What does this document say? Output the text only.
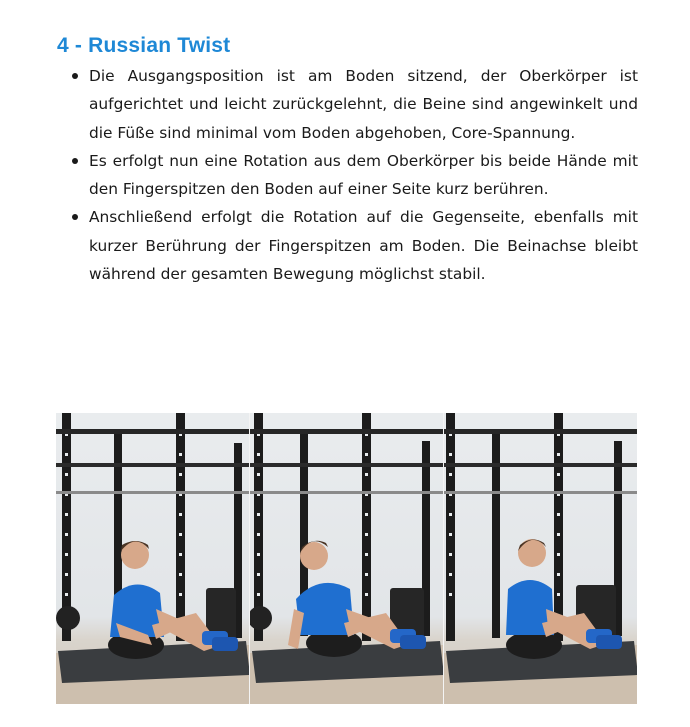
4 - Russian Twist
Die Ausgangsposition ist am Boden sitzend, der Oberkörper ist aufgerichtet und leicht zurückgelehnt, die Beine sind angewinkelt und die Füße sind minimal vom Boden abgehoben, Core-Spannung.
Es erfolgt nun eine Rotation aus dem Oberkörper bis beide Hände mit den Fingerspitzen den Boden auf einer Seite kurz berühren.
Anschließend erfolgt die Rotation auf die Gegenseite, ebenfalls mit kurzer Berührung der Fingerspitzen am Boden. Die Beinachse bleibt während der gesamten Bewegung möglichst stabil.
